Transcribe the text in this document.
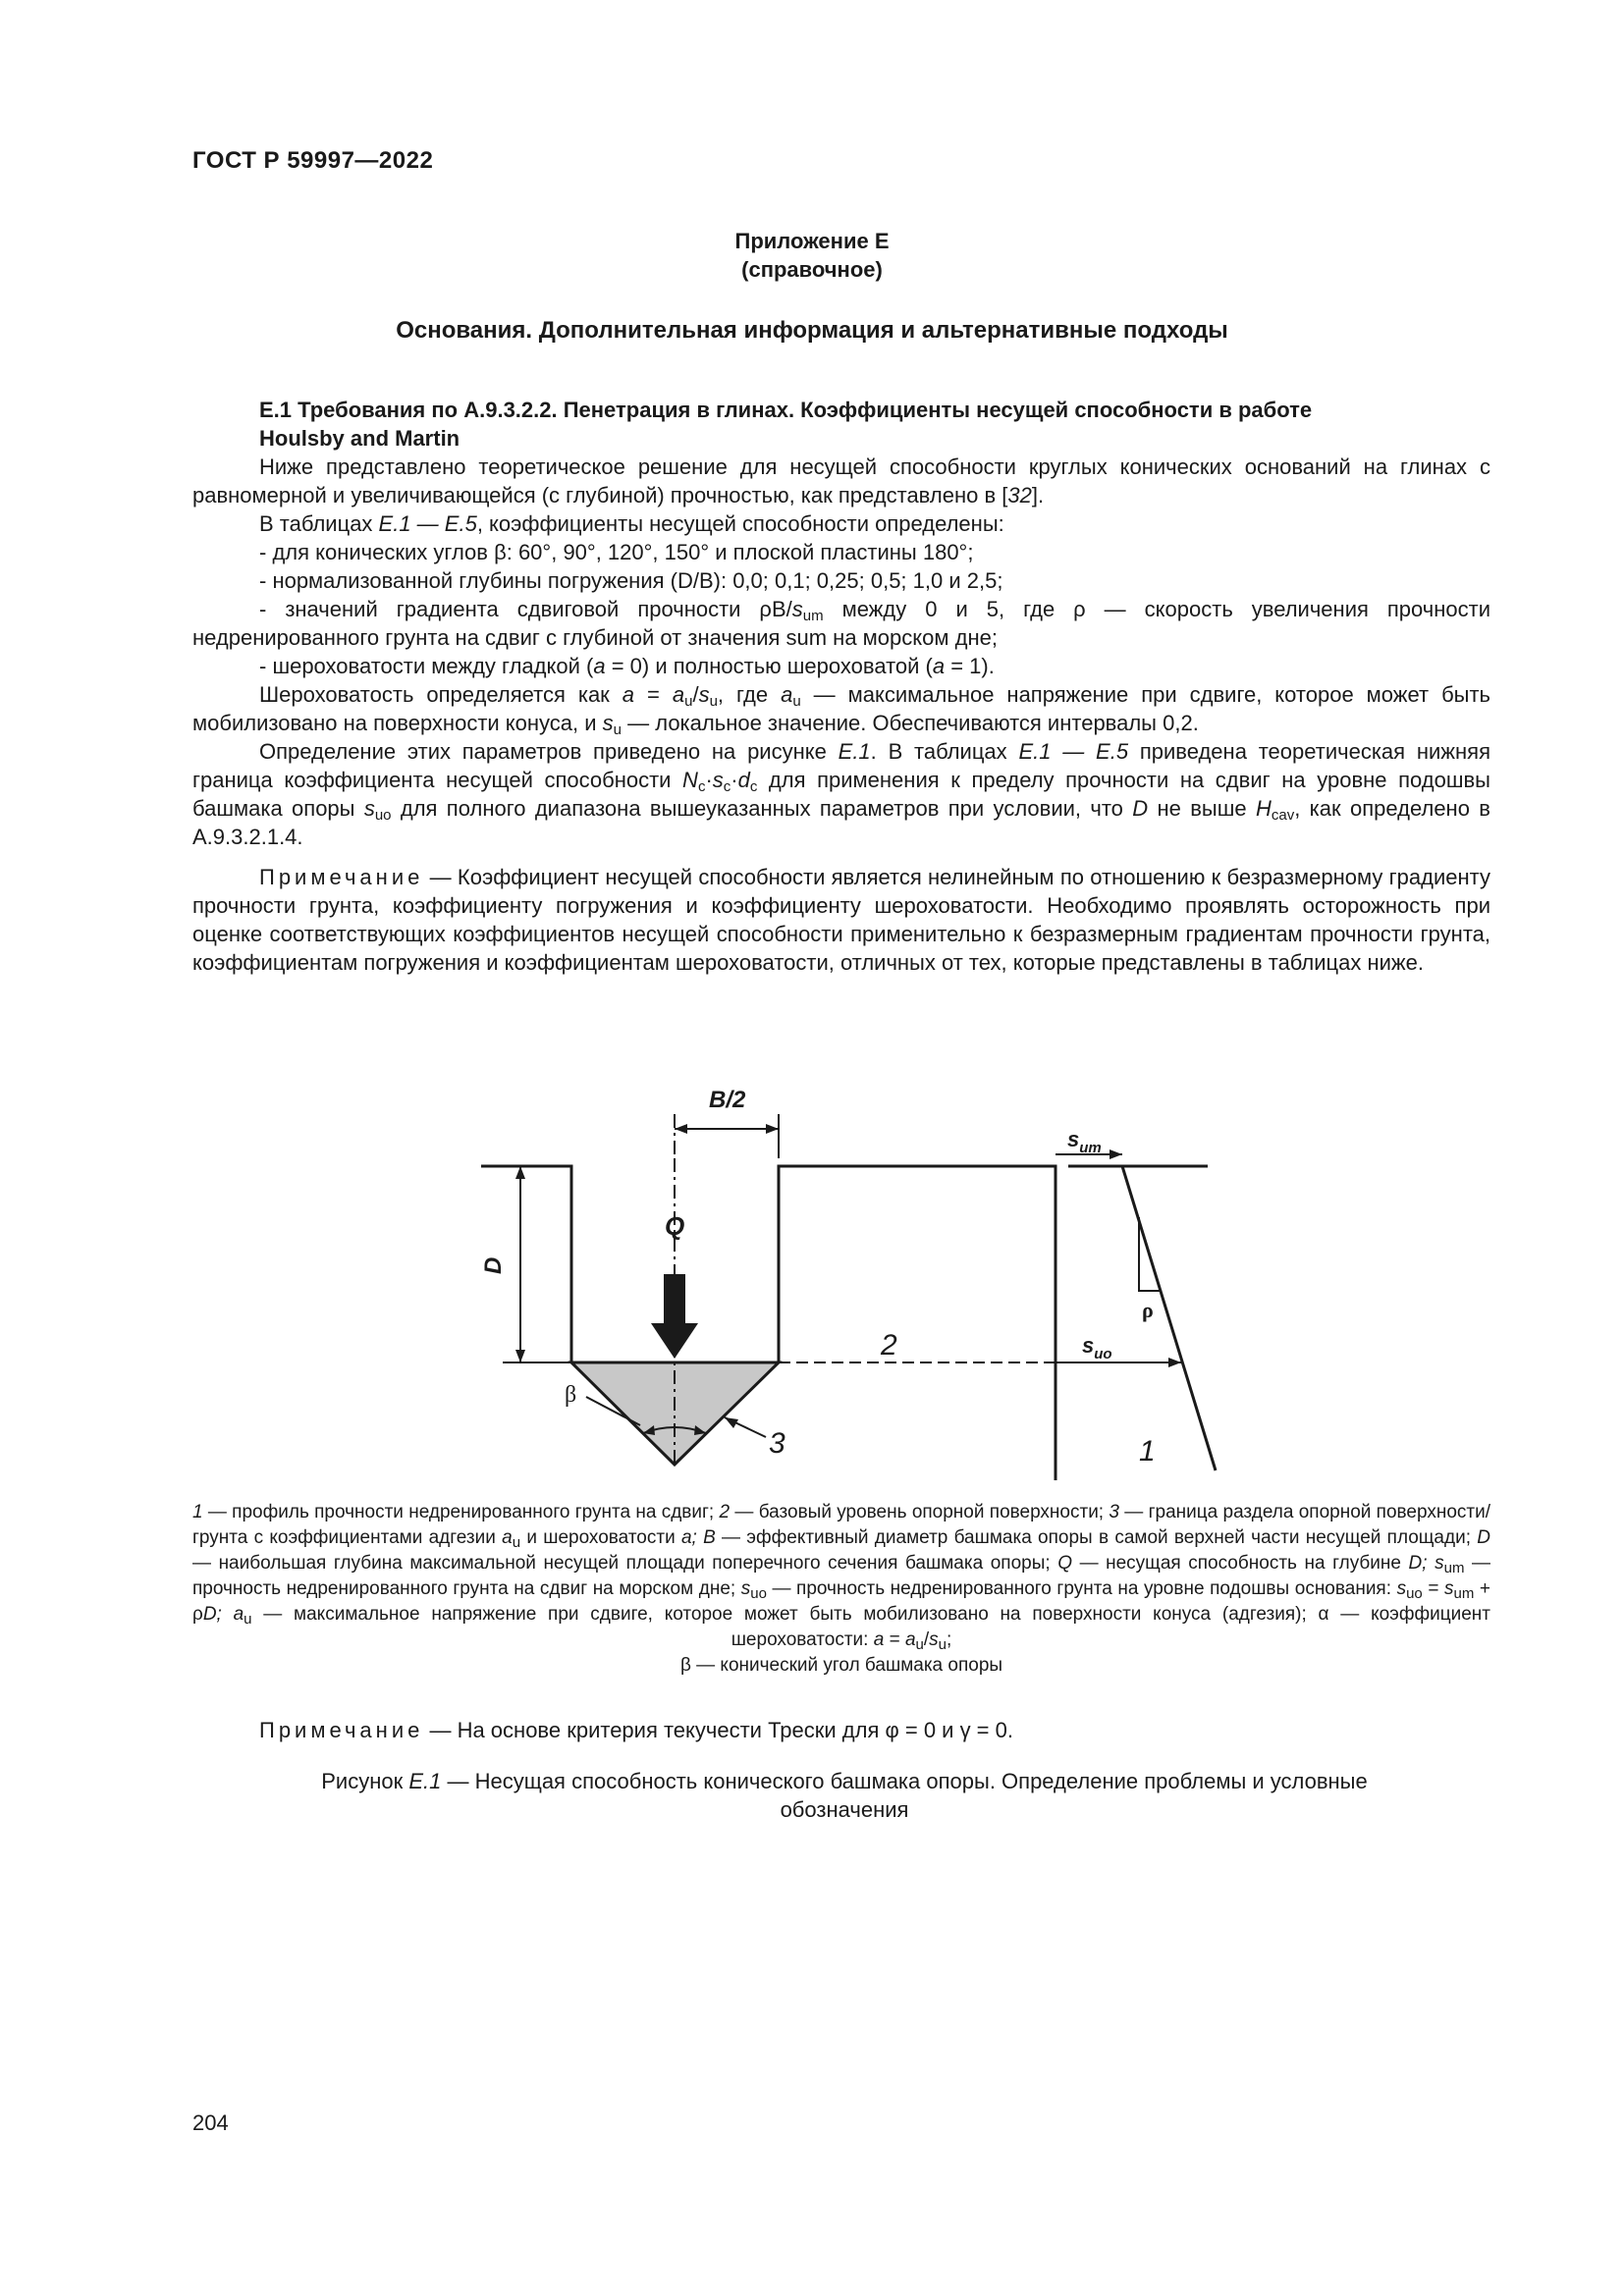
ГОСТ Р 59997—2022
Приложение Е
(справочное)
Основания. Дополнительная информация и альтернативные подходы

Е.1 Требования по А.9.3.2.2. Пенетрация в глинах. Коэффициенты несущей способности в работе
Houlsby and Martin

Ниже представлено теоретическое решение для несущей способности круглых конических оснований на глинах с равномерной и увеличивающейся (с глубиной) прочностью, как представлено в [32].

В таблицах Е.1 — Е.5, коэффициенты несущей способности определены:

- для конических углов β: 60°, 90°, 120°, 150° и плоской пластины 180°;

- нормализованной глубины погружения (D/B): 0,0; 0,1; 0,25; 0,5; 1,0 и 2,5;

- значений градиента сдвиговой прочности $\rho B/s_{um}$ между 0 и 5, где ρ — скорость увеличения прочности недренированного грунта на сдвиг с глубиной от значения sum на морском дне;

- шероховатости между гладкой (a = 0) и полностью шероховатой (a = 1).

Шероховатость определяется как $a = a_u/s_u$, где $a_u$ — максимальное напряжение при сдвиге, которое может быть мобилизовано на поверхности конуса, и $s_u$ — локальное значение. Обеспечиваются интервалы 0,2.

Определение этих параметров приведено на рисунке Е.1. В таблицах Е.1 — Е.5 приведена теоретическая нижняя граница коэффициента несущей способности $N_c\cdot s_c\cdot d_c$ для применения к пределу прочности на сдвиг на уровне подошвы башмака опоры $s_{uo}$ для полного диапазона вышеуказанных параметров при условии, что D не выше $H_{cav}$, как определено в А.9.3.2.1.4.

Примечание — Коэффициент несущей способности является нелинейным по отношению к безразмерному градиенту прочности грунта, коэффициенту погружения и коэффициенту шероховатости. Необходимо проявлять осторожность при оценке соответствующих коэффициентов несущей способности применительно к безразмерным градиентам прочности грунта, коэффициентам погружения и коэффициентам шероховатости, отличных от тех, которые представлены в таблицах ниже.

B/2
D
Q
2
$s_{um}$
ρ
$s_{uo}$
β
3	1
1 — профиль прочности недренированного грунта на сдвиг; 2 — базовый уровень опорной поверхности; 3 — граница раздела опорной поверхности/грунта с коэффициентами адгезии $a_u$ и шероховатости a; B — эффективный диаметр башмака опоры в самой верхней части несущей площади; D — наибольшая глубина максимальной несущей площади поперечного сечения башмака опоры; Q — несущая способность на глубине D; $s_{um}$ — прочность недренированного грунта на сдвиг на морском дне; $s_{uo}$ — прочность недренированного грунта на уровне подошвы основания: $s_{uo} = s_{um} + \rho D$; $a_u$ — максимальное напряжение при сдвиге, которое может быть мобилизовано на поверхности конуса (адгезия); α — коэффициент шероховатости: $a = a_u/s_u$;
β — конический угол башмака опоры
Примечание — На основе критерия текучести Трески для φ = 0 и γ = 0.
Рисунок Е.1 — Несущая способность конического башмака опоры. Определение проблемы и условные обозначения
204
